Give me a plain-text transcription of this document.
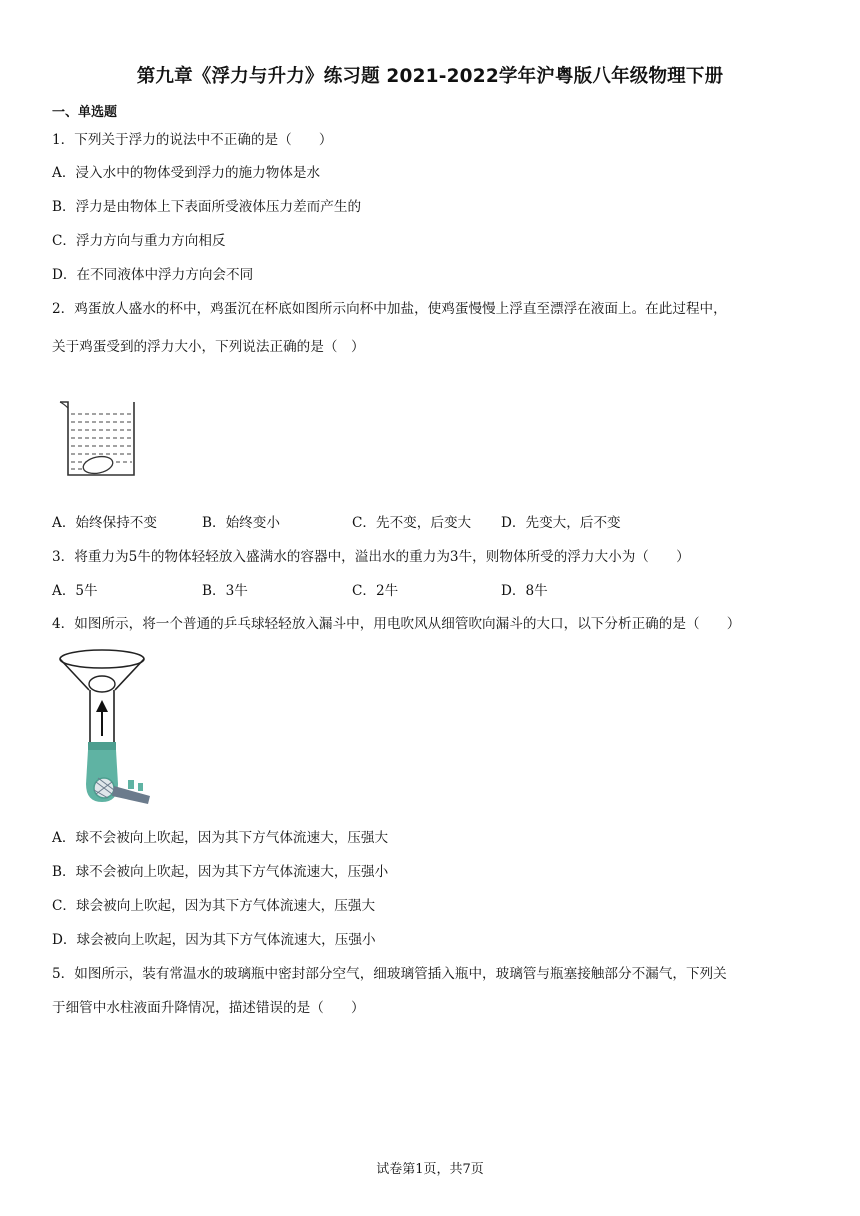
第九章《浮力与升力》练习题 2021-2022学年沪粤版八年级物理下册
一、单选题
1．下列关于浮力的说法中不正确的是（　　）
A．浸入水中的物体受到浮力的施力物体是水
B．浮力是由物体上下表面所受液体压力差而产生的
C．浮力方向与重力方向相反
D．在不同液体中浮力方向会不同
2．鸡蛋放人盛水的杯中，鸡蛋沉在杯底如图所示向杯中加盐，使鸡蛋慢慢上浮直至漂浮在液面上。在此过程中，
关于鸡蛋受到的浮力大小，下列说法正确的是（　）
A．始终保持不变	B．始终变小	C．先不变，后变大 D．先变大，后不变
3．将重力为5牛的物体轻轻放入盛满水的容器中，溢出水的重力为3牛，则物体所受的浮力大小为（　　）
A．5牛	B．3牛	C．2牛	D．8牛
4．如图所示，将一个普通的乒乓球轻轻放入漏斗中，用电吹风从细管吹向漏斗的大口，以下分析正确的是（　　）
A．球不会被向上吹起，因为其下方气体流速大，压强大
B．球不会被向上吹起，因为其下方气体流速大，压强小
C．球会被向上吹起，因为其下方气体流速大，压强大
D．球会被向上吹起，因为其下方气体流速大，压强小
5．如图所示，装有常温水的玻璃瓶中密封部分空气，细玻璃管插入瓶中，玻璃管与瓶塞接触部分不漏气，下列关
于细管中水柱液面升降情况，描述错误的是（　　）
试卷第1页，共7页
